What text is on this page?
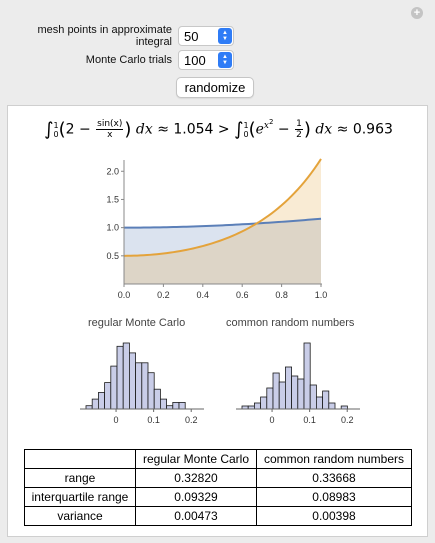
+
mesh points in approximate integral 50	▲
▼
Monte Carlo trials 100	▲
▼
randomize
∫1
$0(2 - \frac{\sin(x)}{x}$ ) dx ≈ 1.054 > ∫1
$0(e^{x^2} - \frac{1}{2}$ ) dx ≈ 0.963
0.0	0.2	0.4	0.6	0.8	1.0
0.5
1.0
1.5
2.0
regular Monte Carlo	common random numbers
0	0.1	0.2	0	0.1	0.2
	regular Monte Carlo	common random numbers
range	0.32820	0.33668
interquartile range	0.09329	0.08983
variance	0.00473	0.00398
